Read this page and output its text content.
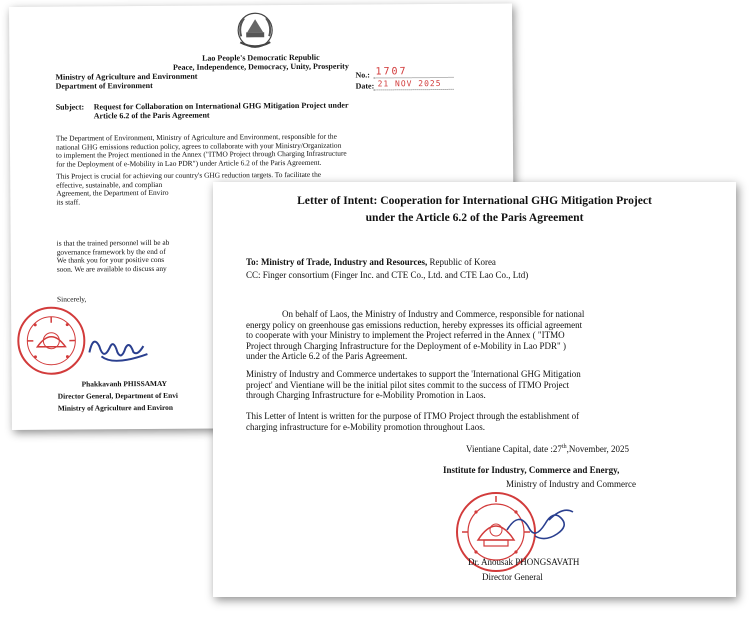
Lao People's Democratic Republic
Peace, Independence, Democracy, Unity, Prosperity
Ministry of Agriculture and Environment
Department of Environment
No.: 1707
Date: 21 NOV 2025
Subject: Request for Collaboration on International GHG Mitigation Project under
Article 6.2 of the Paris Agreement
The Department of Environment, Ministry of Agriculture and Environment, responsible for the
national GHG emissions reduction policy, agrees to collaborate with your Ministry/Organization
to implement the Project mentioned in the Annex ("ITMO Project through Charging Infrastructure
for the Deployment of e-Mobility in Lao PDR") under Article 6.2 of the Paris Agreement.
This Project is crucial for achieving our country's GHG reduction targets. To facilitate the
effective, sustainable, and complian
Agreement, the Department of Enviro
its staff.
is that the trained personnel will be ab
governance framework by the end of
We thank you for your positive cons
soon. We are available to discuss any
Sincerely,
Phakkavanh PHISSAMAY
Director General, Department of Envi
Ministry of Agriculture and Environ
Letter of Intent: Cooperation for International GHG Mitigation Project
under the Article 6.2 of the Paris Agreement
To: Ministry of Trade, Industry and Resources, Republic of Korea
CC: Finger consortium (Finger Inc. and CTE Co., Ltd. and CTE Lao Co., Ltd)
On behalf of Laos, the Ministry of Industry and Commerce, responsible for national
energy policy on greenhouse gas emissions reduction, hereby expresses its official agreement
to cooperate with your Ministry to implement the Project referred in the Annex ( "ITMO
Project through Charging Infrastructure for the Deployment of e-Mobility in Lao PDR" )
under the Article 6.2 of the Paris Agreement.
Ministry of Industry and Commerce undertakes to support the 'International GHG Mitigation
project' and Vientiane will be the initial pilot sites commit to the success of ITMO Project
through Charging Infrastructure for e-Mobility Promotion in Laos.
This Letter of Intent is written for the purpose of ITMO Project through the establishment of
charging infrastructure for e-Mobility promotion throughout Laos.
Vientiane Capital, date :27th,November, 2025
Institute for Industry, Commerce and Energy,
Ministry of Industry and Commerce
Dr. Anousak PHONGSAVATH
Director General
